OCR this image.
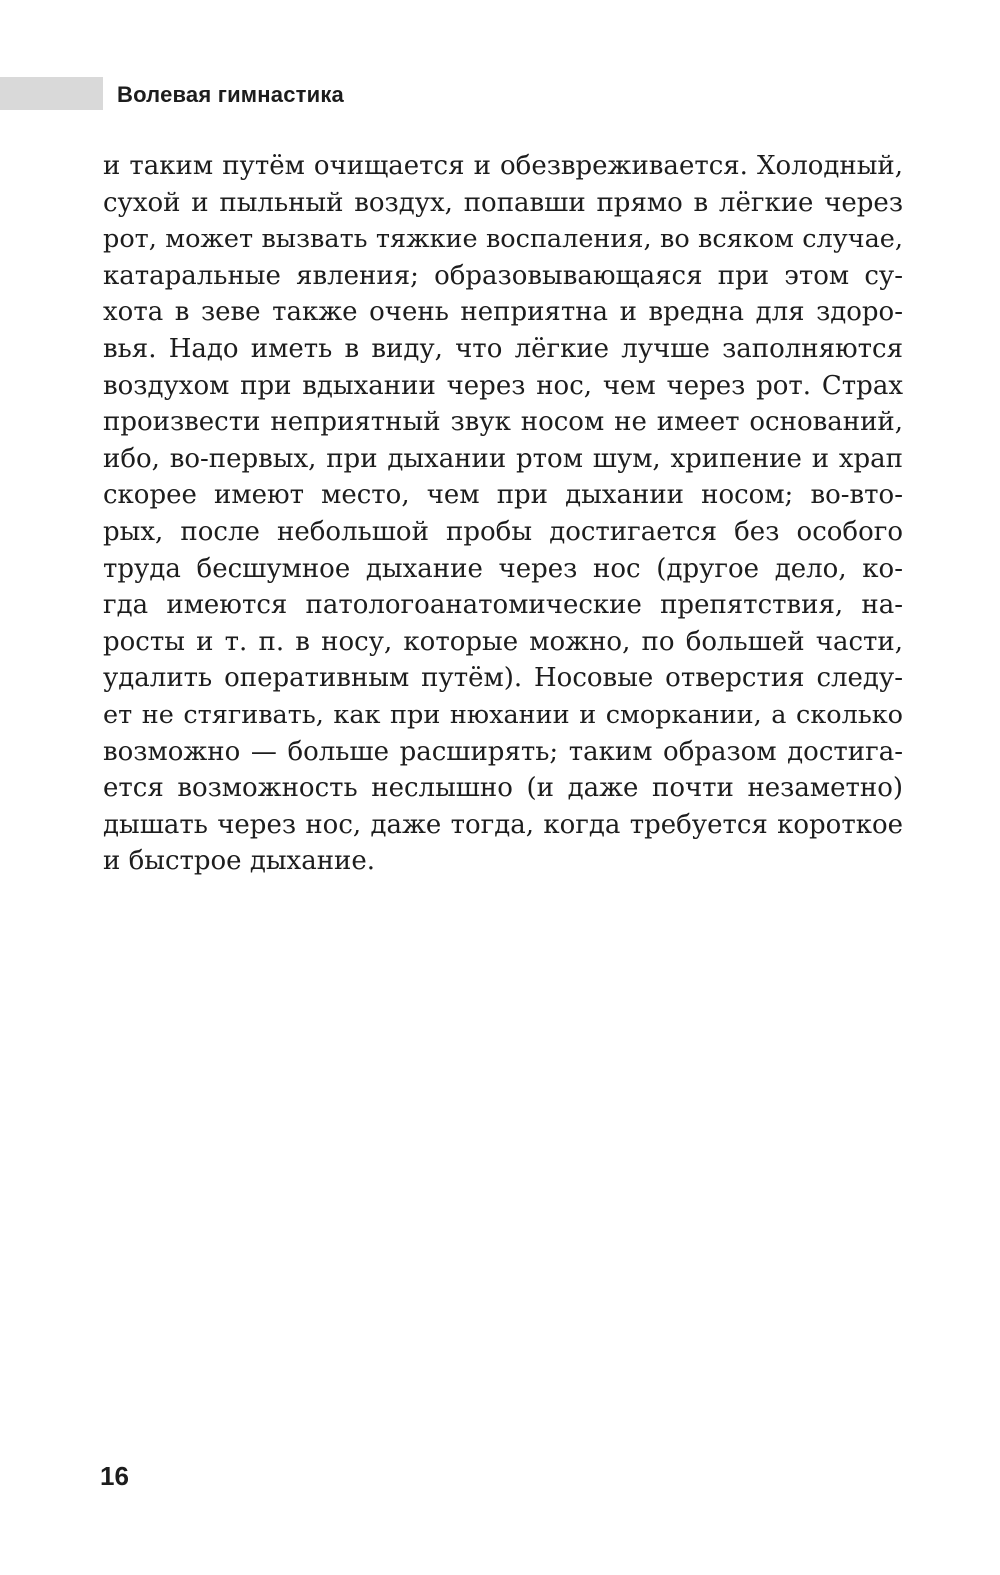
Волевая гимнастика
и таким путём очищается и обезвреживается. Холодный,
сухой и пыльный воздух, попавши прямо в лёгкие через
рот, может вызвать тяжкие воспаления, во всяком случае,
катаральные явления; образовывающаяся при этом су-
хота в зеве также очень неприятна и вредна для здоро-
вья. Надо иметь в виду, что лёгкие лучше заполняются
воздухом при вдыхании через нос, чем через рот. Страх
произвести неприятный звук носом не имеет оснований,
ибо, во-первых, при дыхании ртом шум, хрипение и храп
скорее имеют место, чем при дыхании носом; во-вто-
рых, после небольшой пробы достигается без особого
труда бесшумное дыхание через нос (другое дело, ко-
гда имеются патологоанатомические препятствия, на-
росты и т. п. в носу, которые можно, по большей части,
удалить оперативным путём). Носовые отверстия следу-
ет не стягивать, как при нюхании и сморкании, а сколько
возможно — больше расширять; таким образом достига-
ется возможность неслышно (и даже почти незаметно)
дышать через нос, даже тогда, когда требуется короткое
и быстрое дыхание.
16
